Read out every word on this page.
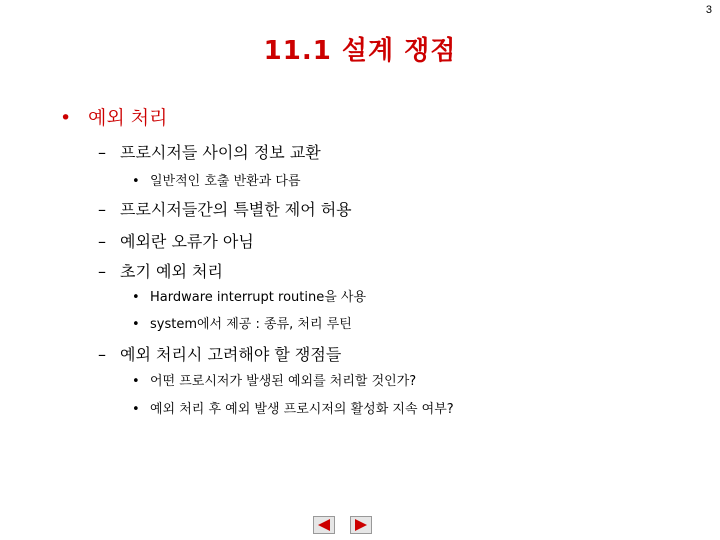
3
11.1 설계 쟁점
• 예외 처리
– 프로시저들 사이의 정보 교환
• 일반적인 호출 반환과 다름
– 프로시저들간의 특별한 제어 허용
– 예외란 오류가 아님
– 초기 예외 처리
• Hardware interrupt routine을 사용
• system에서 제공 : 종류, 처리 루틴
– 예외 처리시 고려해야 할 쟁점들
• 어떤 프로시저가 발생된 예외를 처리할 것인가?
• 예외 처리 후 예외 발생 프로시저의 활성화 지속 여부?
